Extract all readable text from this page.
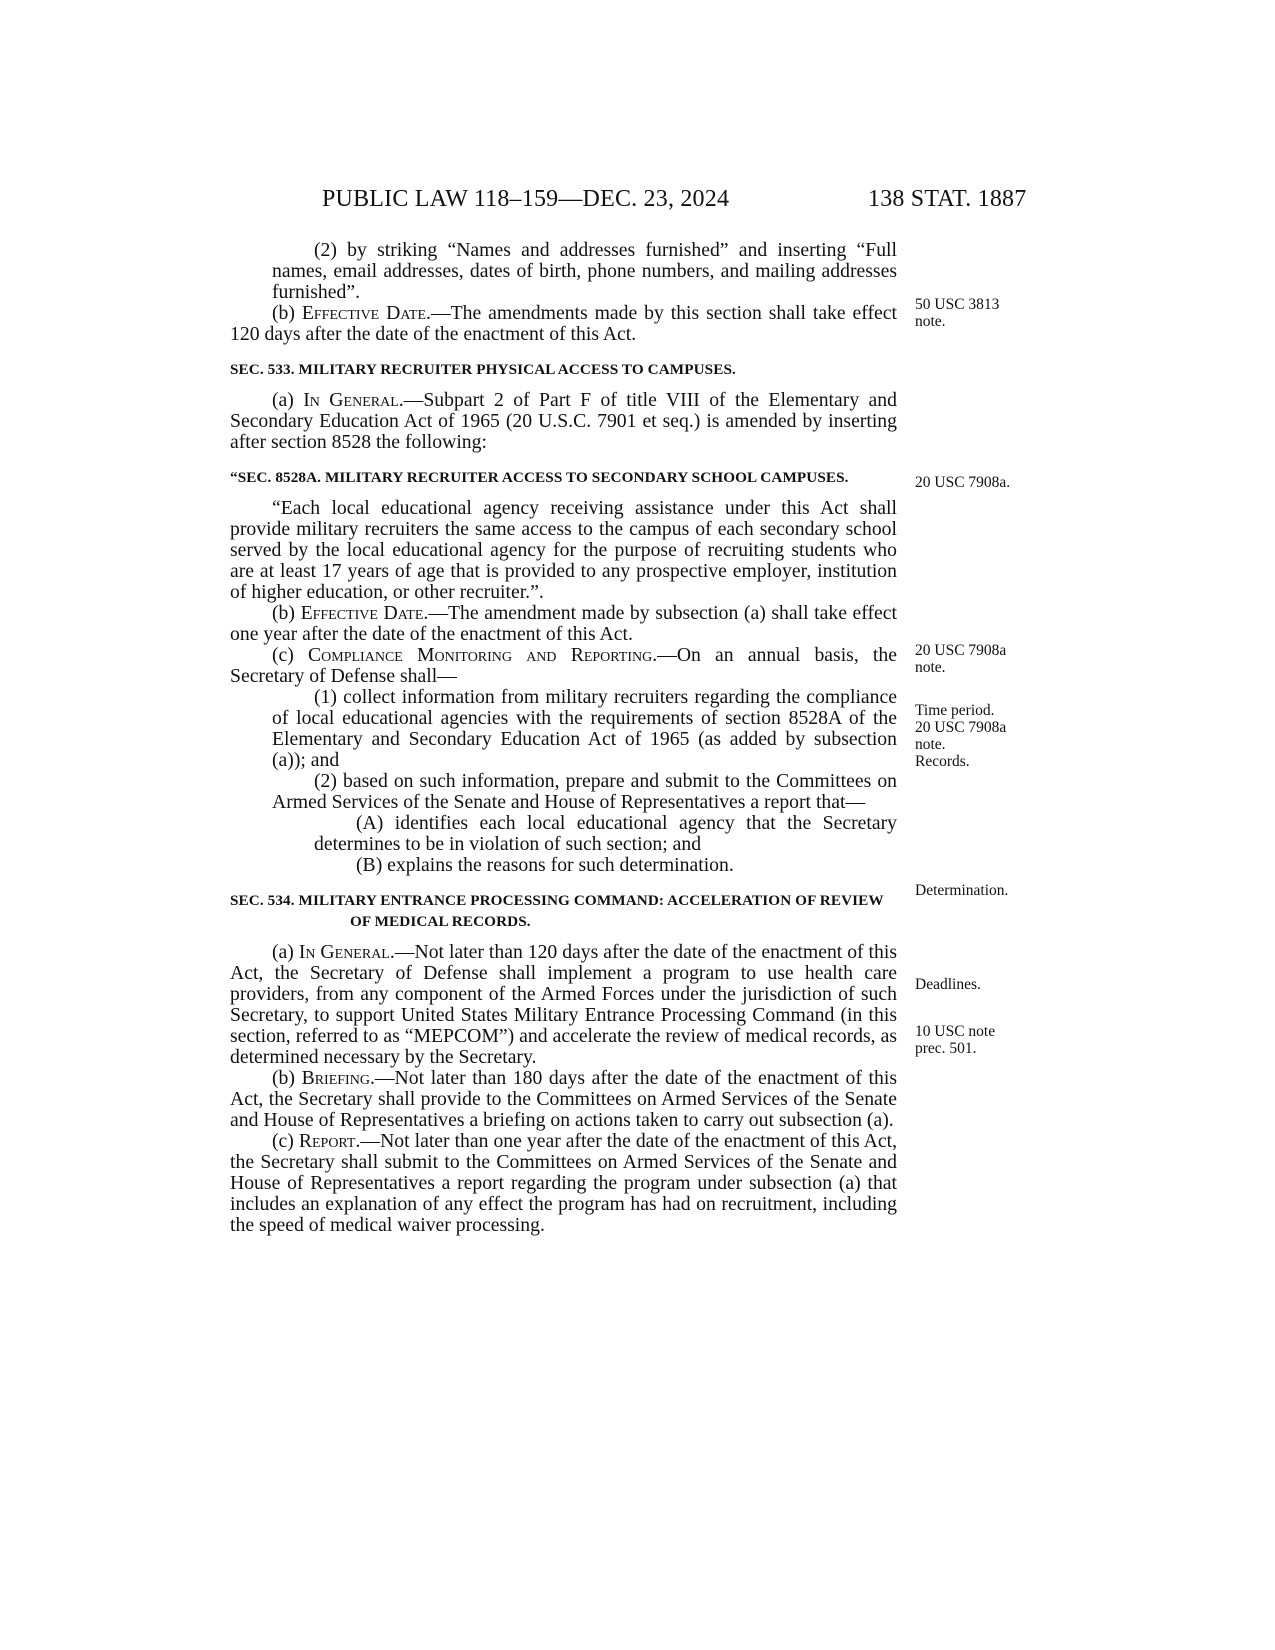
PUBLIC LAW 118–159—DEC. 23, 2024	138 STAT. 1887

(2) by striking “Names and addresses furnished” and inserting “Full names, email addresses, dates of birth, phone numbers, and mailing addresses furnished”.

(b) Effective Date.—The amendments made by this section shall take effect 120 days after the date of the enactment of this Act.

SEC. 533. MILITARY RECRUITER PHYSICAL ACCESS TO CAMPUSES.

(a) In General.—Subpart 2 of Part F of title VIII of the Elementary and Secondary Education Act of 1965 (20 U.S.C. 7901 et seq.) is amended by inserting after section 8528 the following:

“SEC. 8528A. MILITARY RECRUITER ACCESS TO SECONDARY SCHOOL CAMPUSES.

“Each local educational agency receiving assistance under this Act shall provide military recruiters the same access to the campus of each secondary school served by the local educational agency for the purpose of recruiting students who are at least 17 years of age that is provided to any prospective employer, institution of higher education, or other recruiter.”.

(b) Effective Date.—The amendment made by subsection (a) shall take effect one year after the date of the enactment of this Act.

(c) Compliance Monitoring and Reporting.—On an annual basis, the Secretary of Defense shall—

(1) collect information from military recruiters regarding the compliance of local educational agencies with the requirements of section 8528A of the Elementary and Secondary Education Act of 1965 (as added by subsection (a)); and

(2) based on such information, prepare and submit to the Committees on Armed Services of the Senate and House of Representatives a report that—

(A) identifies each local educational agency that the Secretary determines to be in violation of such section; and

(B) explains the reasons for such determination.

SEC. 534. MILITARY ENTRANCE PROCESSING COMMAND: ACCELERATION OF REVIEW OF MEDICAL RECORDS.

(a) In General.—Not later than 120 days after the date of the enactment of this Act, the Secretary of Defense shall implement a program to use health care providers, from any component of the Armed Forces under the jurisdiction of such Secretary, to support United States Military Entrance Processing Command (in this section, referred to as “MEPCOM”) and accelerate the review of medical records, as determined necessary by the Secretary.

(b) Briefing.—Not later than 180 days after the date of the enactment of this Act, the Secretary shall provide to the Committees on Armed Services of the Senate and House of Representatives a briefing on actions taken to carry out subsection (a).

(c) Report.—Not later than one year after the date of the enactment of this Act, the Secretary shall submit to the Committees on Armed Services of the Senate and House of Representatives a report regarding the program under subsection (a) that includes an explanation of any effect the program has had on recruitment, including the speed of medical waiver processing.

50 USC 3813
note.
20 USC 7908a.
20 USC 7908a
note.
Time period.
20 USC 7908a
note.
Records.
Determination.
Deadlines.
10 USC note
prec. 501.
